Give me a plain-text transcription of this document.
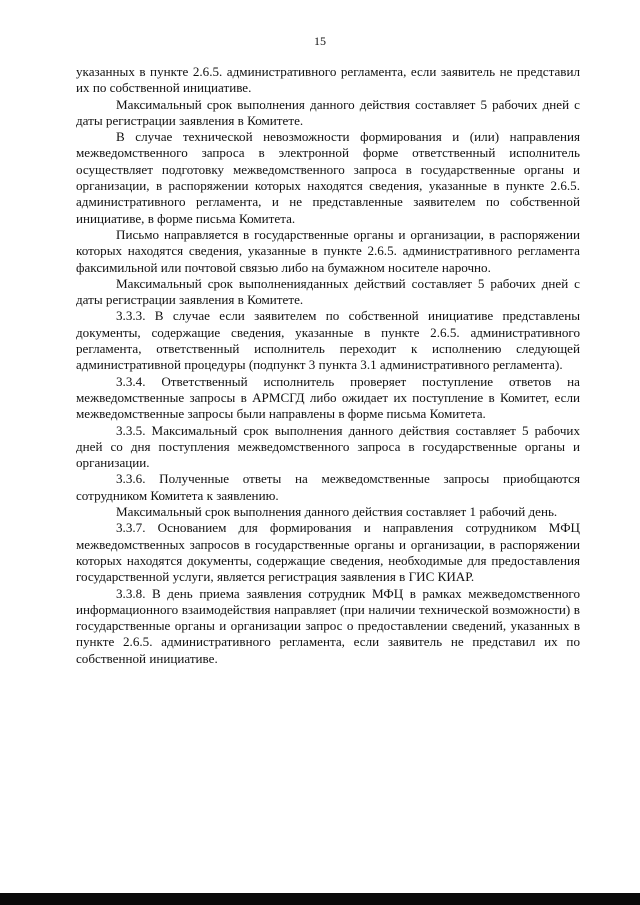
15

указанных в пункте 2.6.5. административного регламента, если заявитель не представил их по собственной инициативе.

Максимальный срок выполнения данного действия составляет 5 рабочих дней с даты регистрации заявления в Комитете.

В случае технической невозможности формирования и (или) направления межведомственного запроса в электронной форме ответственный исполнитель осуществляет подготовку межведомственного запроса в государственные органы и организации, в распоряжении которых находятся сведения, указанные в пункте 2.6.5. административного регламента, и не представленные заявителем по собственной инициативе, в форме письма Комитета.

Письмо направляется в государственные органы и организации, в распоряжении которых находятся сведения, указанные в пункте 2.6.5. административного регламента факсимильной или почтовой связью либо на бумажном носителе нарочно.

Максимальный срок выполненияданных действий составляет 5 рабочих дней с даты регистрации заявления в Комитете.

3.3.3. В случае если заявителем по собственной инициативе представлены документы, содержащие сведения, указанные в пункте 2.6.5. административного регламента, ответственный исполнитель переходит к исполнению следующей административной процедуры (подпункт 3 пункта 3.1 административного регламента).

3.3.4. Ответственный исполнитель проверяет поступление ответов на межведомственные запросы в АРМСГД либо ожидает их поступление в Комитет, если межведомственные запросы были направлены в форме письма Комитета.

3.3.5. Максимальный срок выполнения данного действия составляет 5 рабочих дней со дня поступления межведомственного запроса в государственные органы и организации.

3.3.6. Полученные ответы на межведомственные запросы приобщаются сотрудником Комитета к заявлению.

Максимальный срок выполнения данного действия составляет 1 рабочий день.

3.3.7. Основанием для формирования и направления сотрудником МФЦ межведомственных запросов в государственные органы и организации, в распоряжении которых находятся документы, содержащие сведения, необходимые для предоставления государственной услуги, является регистрация заявления в ГИС КИАР.

3.3.8. В день приема заявления сотрудник МФЦ в рамках межведомственного информационного взаимодействия направляет (при наличии технической возможности) в государственные органы и организации запрос о предоставлении сведений, указанных в пункте 2.6.5. административного регламента, если заявитель не представил их по собственной инициативе.
